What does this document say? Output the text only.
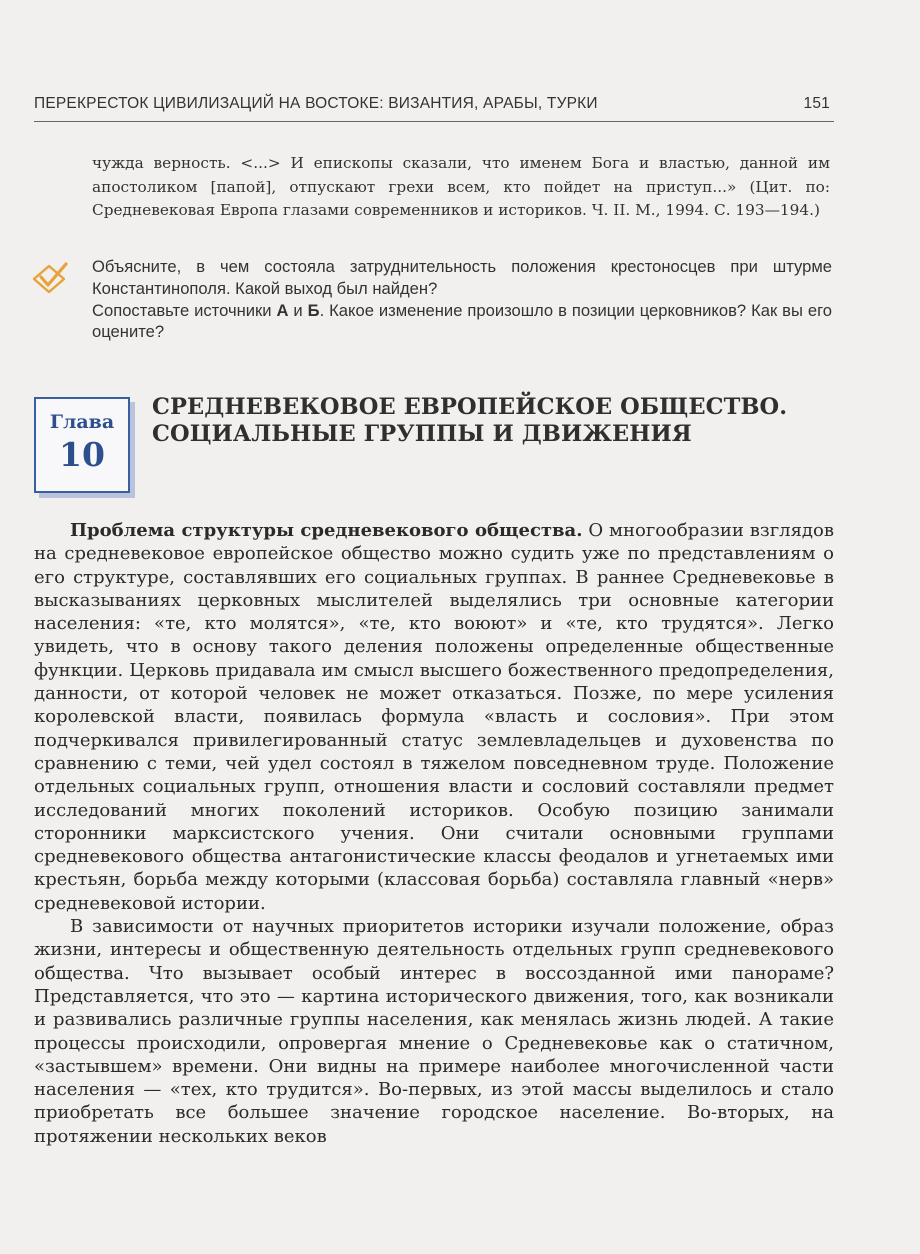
ПЕРЕКРЕСТОК ЦИВИЛИЗАЦИЙ НА ВОСТОКЕ: ВИЗАНТИЯ, АРАБЫ, ТУРКИ	151
чужда верность. <...> И епископы сказали, что именем Бога и властью, данной им апостоликом [папой], отпускают грехи всем, кто пойдет на приступ...» (Цит. по: Средневековая Европа глазами современников и историков. Ч. II. М., 1994. С. 193—194.)

Объясните, в чем состояла затруднительность положения крестоносцев при штурме Константинополя. Какой выход был найден?

Сопоставьте источники А и Б. Какое изменение произошло в позиции церковников? Как вы его оцените?

Глава
10
СРЕДНЕВЕКОВОЕ ЕВРОПЕЙСКОЕ ОБЩЕСТВО.
СОЦИАЛЬНЫЕ ГРУППЫ И ДВИЖЕНИЯ

Проблема структуры средневекового общества. О многообразии взглядов на средневековое европейское общество можно судить уже по представлениям о его структуре, составлявших его социальных группах. В раннее Средневековье в высказываниях церковных мыслителей выделялись три основные категории населения: «те, кто молятся», «те, кто воюют» и «те, кто трудятся». Легко увидеть, что в основу такого деления положены определенные общественные функции. Церковь придавала им смысл высшего божественного предопределения, данности, от которой человек не может отказаться. Позже, по мере усиления королевской власти, появилась формула «власть и сословия». При этом подчеркивался привилегированный статус землевладельцев и духовенства по сравнению с теми, чей удел состоял в тяжелом повседневном труде. Положение отдельных социальных групп, отношения власти и сословий составляли предмет исследований многих поколений историков. Особую позицию занимали сторонники марксистского учения. Они считали основными группами средневекового общества антагонистические классы феодалов и угнетаемых ими крестьян, борьба между которыми (классовая борьба) составляла главный «нерв» средневековой истории.

В зависимости от научных приоритетов историки изучали положение, образ жизни, интересы и общественную деятельность отдельных групп средневекового общества. Что вызывает особый интерес в воссозданной ими панораме? Представляется, что это — картина исторического движения, того, как возникали и развивались различные группы населения, как менялась жизнь людей. А такие процессы происходили, опровергая мнение о Средневековье как о статичном, «застывшем» времени. Они видны на примере наиболее многочисленной части населения — «тех, кто трудится». Во-первых, из этой массы выделилось и стало приобретать все большее значение городское население. Во-вторых, на протяжении нескольких веков
